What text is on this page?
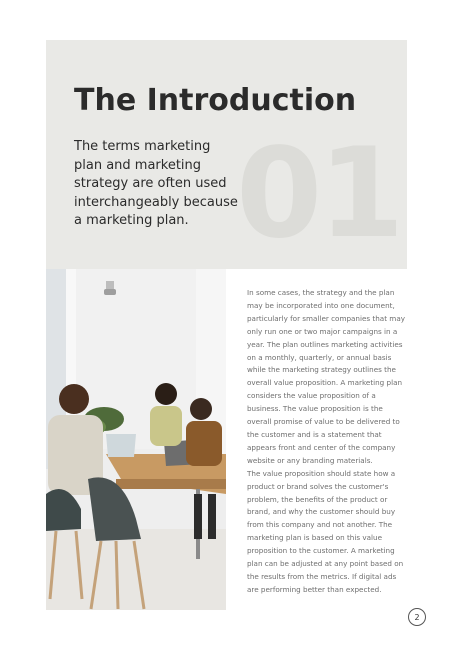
01
The Introduction
The terms marketing plan and marketing strategy are often used interchangeably because a marketing plan.

In some cases, the strategy and the plan may be incorporated into one document, particularly for smaller companies that may only run one or two major campaigns in a year. The plan outlines marketing activities on a monthly, quarterly, or annual basis while the marketing strategy outlines the overall value proposition. A marketing plan considers the value proposition of a business. The value proposition is the overall promise of value to be delivered to the customer and is a statement that appears front and center of the company website or any branding materials.

The value proposition should state how a product or brand solves the customer's problem, the benefits of the product or brand, and why the customer should buy from this company and not another. The marketing plan is based on this value proposition to the customer. A marketing plan can be adjusted at any point based on the results from the metrics. If digital ads are performing better than expected.

2
